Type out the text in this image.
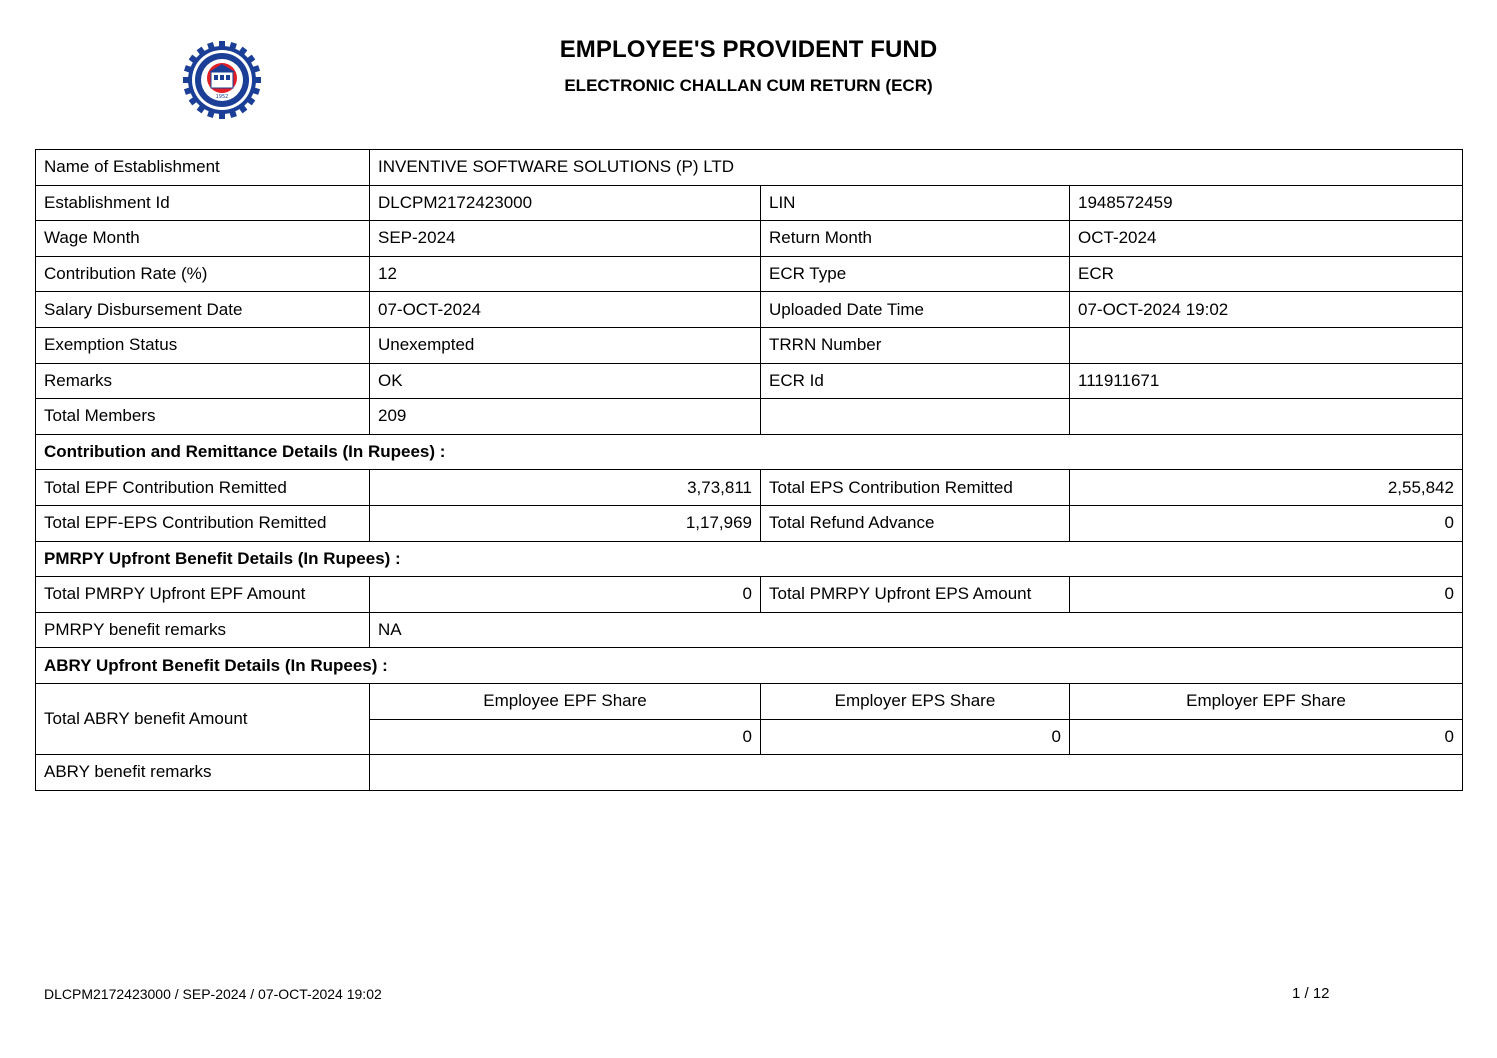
1952
EMPLOYEE'S PROVIDENT FUND
ELECTRONIC CHALLAN CUM RETURN (ECR)
Name of Establishment	INVENTIVE SOFTWARE SOLUTIONS (P) LTD		
Establishment Id	DLCPM2172423000	LIN	1948572459
Wage Month	SEP-2024	Return Month	OCT-2024
Contribution Rate (%)	12	ECR Type	ECR
Salary Disbursement Date	07-OCT-2024	Uploaded Date Time	07-OCT-2024 19:02
Exemption Status	Unexempted	TRRN Number	
Remarks	OK	ECR Id	111911671
Total Members	209		
Contribution and Remittance Details (In Rupees) :			
Total EPF Contribution Remitted	3,73,811	Total EPS Contribution Remitted	2,55,842
Total EPF-EPS Contribution Remitted	1,17,969	Total Refund Advance	0
PMRPY Upfront Benefit Details (In Rupees) :			
Total PMRPY Upfront EPF Amount	0	Total PMRPY Upfront EPS Amount	0
PMRPY benefit remarks	NA		
ABRY Upfront Benefit Details (In Rupees) :			
Total ABRY benefit Amount	Employee EPF Share	Employer EPS Share	Employer EPF Share
	0	0	0
ABRY benefit remarks			
DLCPM2172423000 / SEP-2024 / 07-OCT-2024 19:02	1 / 12
